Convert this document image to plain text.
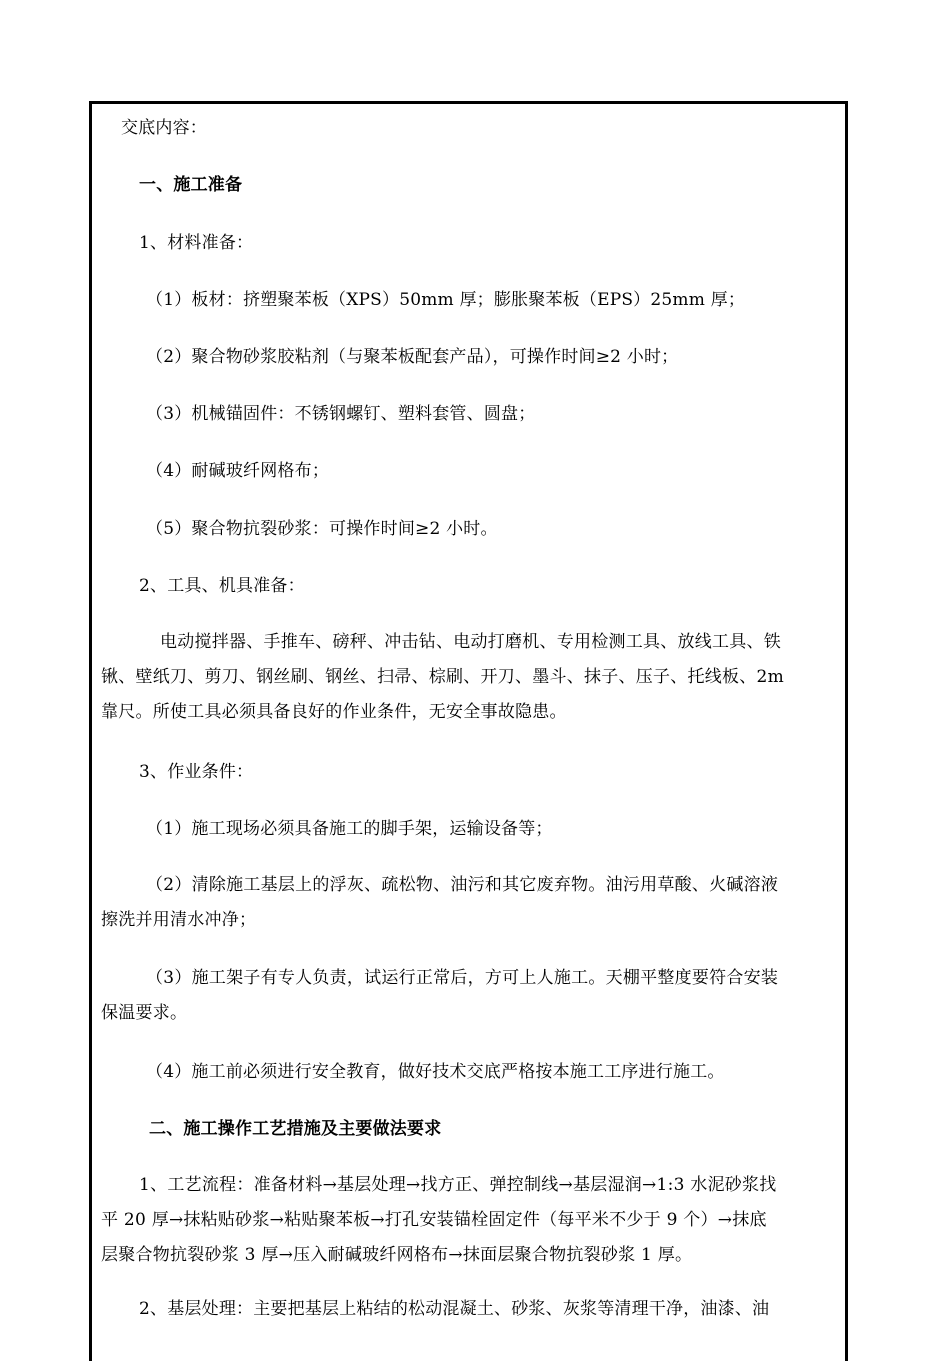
交底内容：
一、施工准备
1、材料准备：
（1）板材：挤塑聚苯板（XPS）50mm 厚；膨胀聚苯板（EPS）25mm 厚；
（2）聚合物砂浆胶粘剂（与聚苯板配套产品），可操作时间≥2 小时；
（3）机械锚固件：不锈钢螺钉、塑料套管、圆盘；
（4）耐碱玻纤网格布；
（5）聚合物抗裂砂浆：可操作时间≥2 小时。
2、工具、机具准备：
电动搅拌器、手推车、磅秤、冲击钻、电动打磨机、专用检测工具、放线工具、铁
锹、壁纸刀、剪刀、钢丝刷、钢丝、扫帚、棕刷、开刀、墨斗、抹子、压子、托线板、2m
靠尺。所使工具必须具备良好的作业条件，无安全事故隐患。
3、作业条件：
（1）施工现场必须具备施工的脚手架，运输设备等；
（2）清除施工基层上的浮灰、疏松物、油污和其它废弃物。油污用草酸、火碱溶液
擦洗并用清水冲净；
（3）施工架子有专人负责，试运行正常后，方可上人施工。天棚平整度要符合安装
保温要求。
（4）施工前必须进行安全教育，做好技术交底严格按本施工工序进行施工。
二、施工操作工艺措施及主要做法要求
1、工艺流程：准备材料→基层处理→找方正、弹控制线→基层湿润→1:3 水泥砂浆找
平 20 厚→抹粘贴砂浆→粘贴聚苯板→打孔安装锚栓固定件（每平米不少于 9 个）→抹底
层聚合物抗裂砂浆 3 厚→压入耐碱玻纤网格布→抹面层聚合物抗裂砂浆 1 厚。
2、基层处理：主要把基层上粘结的松动混凝土、砂浆、灰浆等清理干净，油漆、油
